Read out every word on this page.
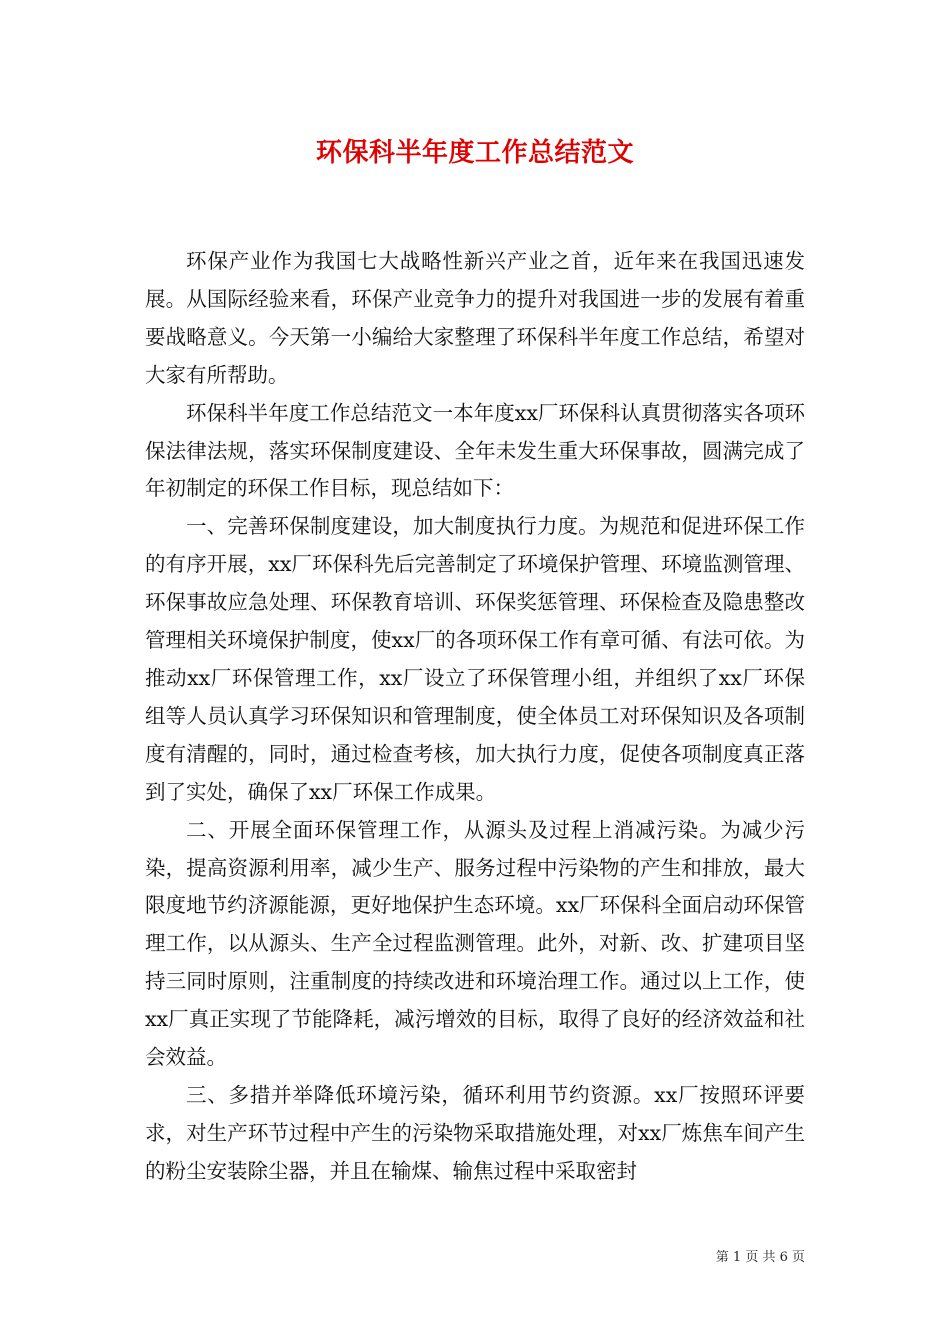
环保科半年度工作总结范文

环保产业作为我国七大战略性新兴产业之首，近年来在我国迅速发展。从国际经验来看，环保产业竞争力的提升对我国进一步的发展有着重要战略意义。今天第一小编给大家整理了环保科半年度工作总结，希望对大家有所帮助。

环保科半年度工作总结范文一本年度xx厂环保科认真贯彻落实各项环保法律法规，落实环保制度建设、全年未发生重大环保事故，圆满完成了年初制定的环保工作目标，现总结如下：

一、完善环保制度建设，加大制度执行力度。为规范和促进环保工作的有序开展，xx厂环保科先后完善制定了环境保护管理、环境监测管理、环保事故应急处理、环保教育培训、环保奖惩管理、环保检查及隐患整改管理相关环境保护制度，使xx厂的各项环保工作有章可循、有法可依。为推动xx厂环保管理工作，xx厂设立了环保管理小组，并组织了xx厂环保组等人员认真学习环保知识和管理制度，使全体员工对环保知识及各项制度有清醒的，同时，通过检查考核，加大执行力度，促使各项制度真正落到了实处，确保了xx厂环保工作成果。

二、开展全面环保管理工作，从源头及过程上消减污染。为减少污染，提高资源利用率，减少生产、服务过程中污染物的产生和排放，最大限度地节约济源能源，更好地保护生态环境。xx厂环保科全面启动环保管理工作，以从源头、生产全过程监测管理。此外，对新、改、扩建项目坚持三同时原则，注重制度的持续改进和环境治理工作。通过以上工作，使xx厂真正实现了节能降耗，减污增效的目标，取得了良好的经济效益和社会效益。

三、多措并举降低环境污染，循环利用节约资源。xx厂按照环评要求，对生产环节过程中产生的污染物采取措施处理，对xx厂炼焦车间产生的粉尘安装除尘器，并且在输煤、输焦过程中采取密封

第 1 页 共 6 页
